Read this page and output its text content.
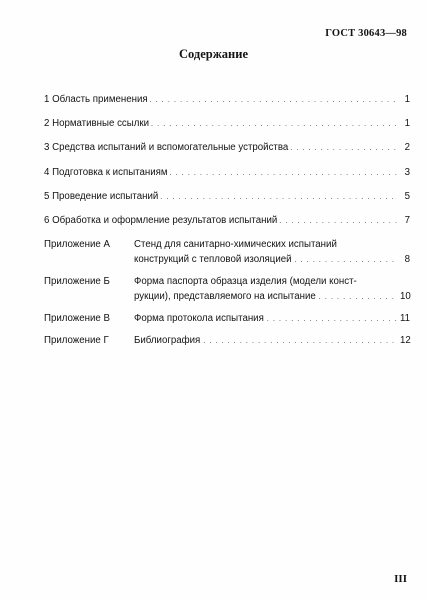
ГОСТ 30643—98
Содержание
1 Область применения . . .	1
2 Нормативные ссылки . . .	1
3 Средства испытаний и вспомогательные устройства . . .	2
4 Подготовка к испытаниям . . .	3
5 Проведение испытаний . . .	5
6 Обработка и оформление результатов испытаний . . .	7
Приложение А	Стенд для санитарно-химических испытаний
конструкций с тепловой изоляцией . . .	8
Приложение Б	Форма паспорта образца изделия (модели конст-
рукции), представляемого на испытание . . .	10
Приложение В	Форма протокола испытания . . .	11
Приложение Г	Библиография . . .	12
III
